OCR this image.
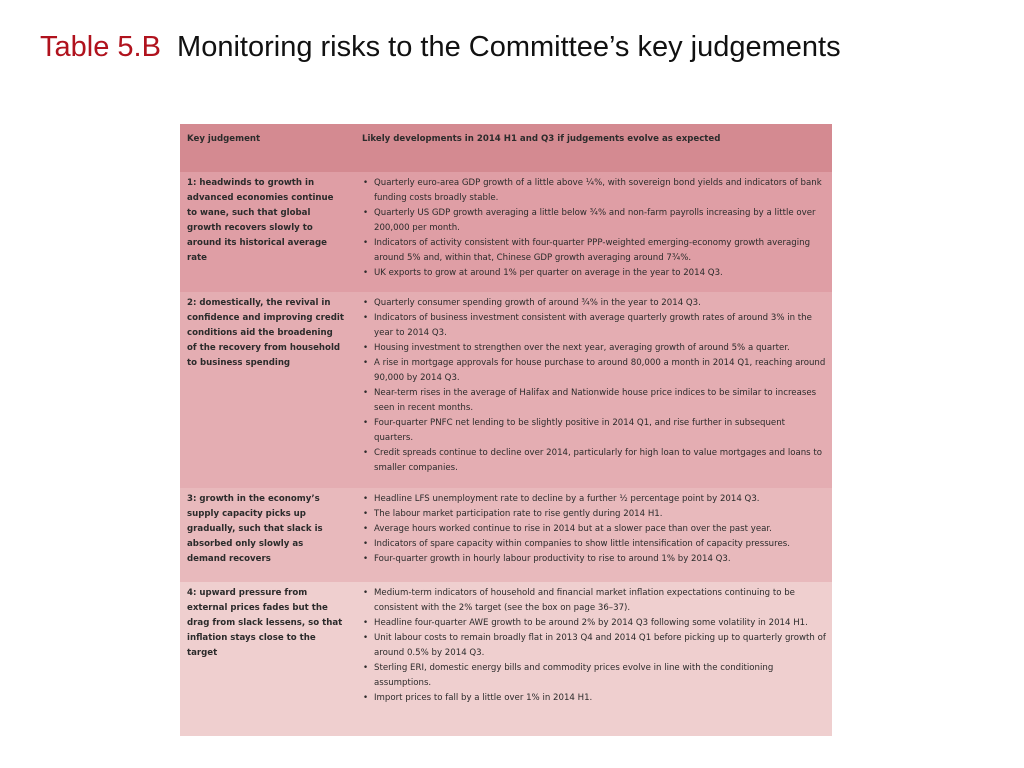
Table 5.B Monitoring risks to the Committee’s key judgements
Key judgement	Likely developments in 2014 H1 and Q3 if judgements evolve as expected
1: headwinds to growth in advanced economies continue to wane, such that global growth recovers slowly to around its historical average rate
• Quarterly euro-area GDP growth of a little above ¼%, with sovereign bond yields and indicators of bank funding costs broadly stable.
• Quarterly US GDP growth averaging a little below ¾% and non-farm payrolls increasing by a little over 200,000 per month.
• Indicators of activity consistent with four-quarter PPP-weighted emerging-economy growth averaging around 5% and, within that, Chinese GDP growth averaging around 7¾%.
• UK exports to grow at around 1% per quarter on average in the year to 2014 Q3.
2: domestically, the revival in confidence and improving credit conditions aid the broadening of the recovery from household to business spending
• Quarterly consumer spending growth of around ¾% in the year to 2014 Q3.
• Indicators of business investment consistent with average quarterly growth rates of around 3% in the year to 2014 Q3.
• Housing investment to strengthen over the next year, averaging growth of around 5% a quarter.
• A rise in mortgage approvals for house purchase to around 80,000 a month in 2014 Q1, reaching around 90,000 by 2014 Q3.
• Near-term rises in the average of Halifax and Nationwide house price indices to be similar to increases seen in recent months.
• Four-quarter PNFC net lending to be slightly positive in 2014 Q1, and rise further in subsequent quarters.
• Credit spreads continue to decline over 2014, particularly for high loan to value mortgages and loans to smaller companies.
3: growth in the economy’s supply capacity picks up gradually, such that slack is absorbed only slowly as demand recovers
• Headline LFS unemployment rate to decline by a further ½ percentage point by 2014 Q3.
• The labour market participation rate to rise gently during 2014 H1.
• Average hours worked continue to rise in 2014 but at a slower pace than over the past year.
• Indicators of spare capacity within companies to show little intensification of capacity pressures.
• Four-quarter growth in hourly labour productivity to rise to around 1% by 2014 Q3.
4: upward pressure from external prices fades but the drag from slack lessens, so that inflation stays close to the target
• Medium-term indicators of household and financial market inflation expectations continuing to be consistent with the 2% target (see the box on page 36–37).
• Headline four-quarter AWE growth to be around 2% by 2014 Q3 following some volatility in 2014 H1.
• Unit labour costs to remain broadly flat in 2013 Q4 and 2014 Q1 before picking up to quarterly growth of around 0.5% by 2014 Q3.
• Sterling ERI, domestic energy bills and commodity prices evolve in line with the conditioning assumptions.
• Import prices to fall by a little over 1% in 2014 H1.
